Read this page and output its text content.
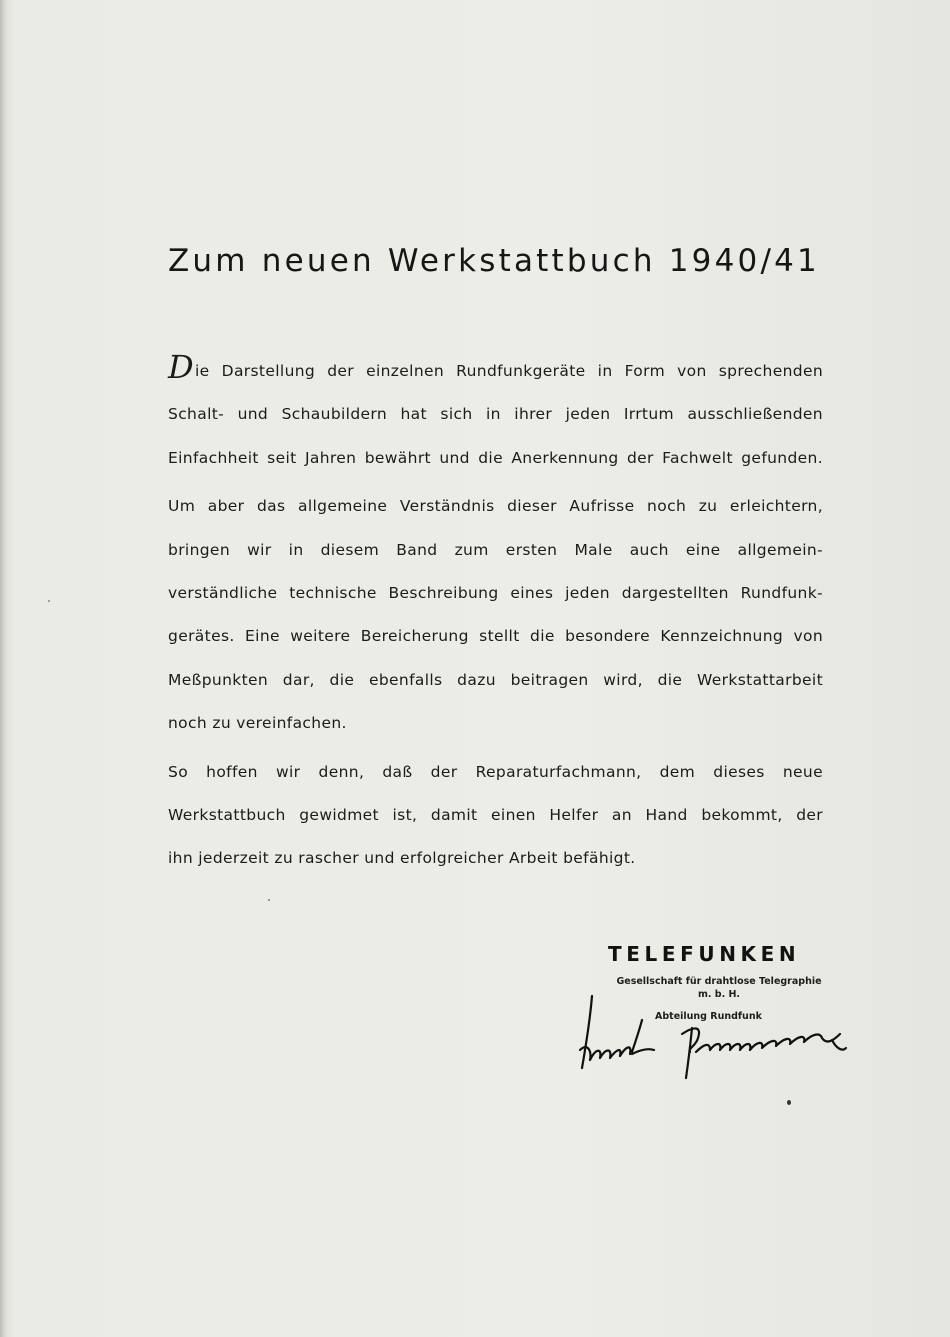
Zum neuen Werkstattbuch 1940/41
Die Darstellung der einzelnen Rundfunkgeräte in Form von sprechenden
Schalt- und Schaubildern hat sich in ihrer jeden Irrtum ausschließenden
Einfachheit seit Jahren bewährt und die Anerkennung der Fachwelt gefunden.
Um aber das allgemeine Verständnis dieser Aufrisse noch zu erleichtern,
bringen wir in diesem Band zum ersten Male auch eine allgemein-
verständliche technische Beschreibung eines jeden dargestellten Rundfunk-
gerätes. Eine weitere Bereicherung stellt die besondere Kennzeichnung von
Meßpunkten dar, die ebenfalls dazu beitragen wird, die Werkstattarbeit
noch zu vereinfachen.
So hoffen wir denn, daß der Reparaturfachmann, dem dieses neue
Werkstattbuch gewidmet ist, damit einen Helfer an Hand bekommt, der
ihn jederzeit zu rascher und erfolgreicher Arbeit befähigt.
TELEFUNKEN
Gesellschaft für drahtlose Telegraphie
m. b. H.
Abteilung Rundfunk
